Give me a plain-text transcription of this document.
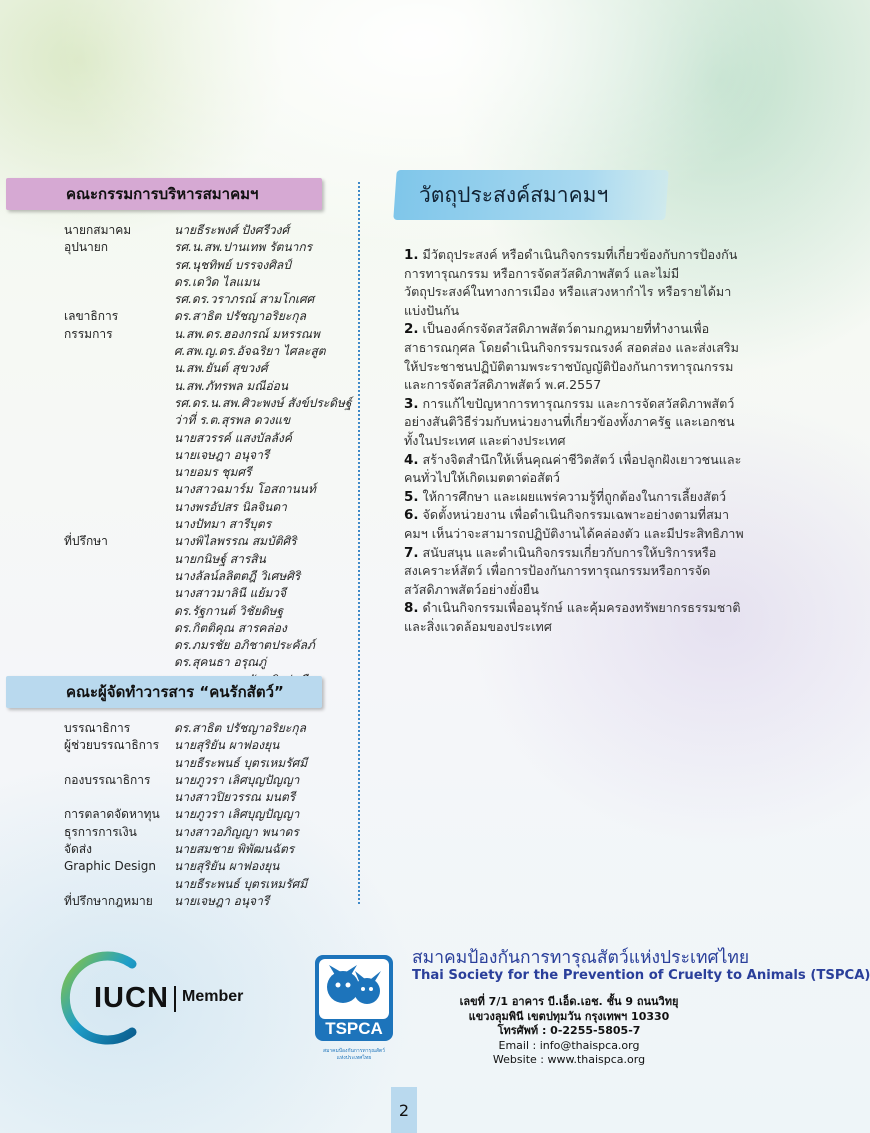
คณะกรรมการบริหารสมาคมฯ
นายกสมาคม	นายธีระพงศ์ ปังศรีวงศ์
อุปนายก	รศ.น.สพ.ปานเทพ รัตนากร
รศ.นุชทิพย์ บรรจงศิลป์
ดร.เดวิด ไลแมน
รศ.ดร.วราภรณ์ สามโกเศศ
เลขาธิการ	ดร.สาธิต ปรัชญาอริยะกุล
กรรมการ	น.สพ.ดร.ฮองกรณ์ มหรรณพ
ศ.สพ.ญ.ดร.อัจฉริยา ไศละสูต
น.สพ.ยันต์ สุขวงศ์
น.สพ.ภัทรพล มณีอ่อน
รศ.ดร.น.สพ.ศิวะพงษ์ สังข์ประดิษฐ์
ว่าที่ ร.ต.สุรพล ดวงแข
นายสวรรค์ แสงบัลลังค์
นายเจษฎา อนุจารี
นายอมร ชุมศรี
นางสาวฉมาร์ม โอสถานนท์
นางพรอัปสร นิลจินดา
นางปัทมา สารีบุตร
ที่ปรึกษา	นางพิไลพรรณ สมบัติศิริ
นายกนิษฐ์ สารสิน
นางลัลน์ลลิตตฎี วิเศษศิริ
นางสาวมาลินี แย้มวจี
ดร.รัฐกานต์ วิชัยดิษฐ
ดร.กิตติคุณ สารคล่อง
ดร.ภมรชัย อภิชาตประคัลภ์
ดร.สุคนธา อรุณภู่
คณะผู้จัดทำวารสาร “คนรักสัตว์”
บรรณาธิการ	ดร.สาธิต ปรัชญาอริยะกุล
ผู้ช่วยบรรณาธิการ	นายสุริยัน ผาฟองยุน
นายธีระพนธ์ บุตรเหมรัศมี
กองบรรณาธิการ	นายภูวรา เลิศบุญปัญญา
นางสาวปิยวรรณ มนตรี
การตลาดจัดหาทุน	นายภูวรา เลิศบุญปัญญา
ธุรการการเงิน	นางสาวอภิญญา พนาดร
จัดส่ง	นายสมชาย พิพัฒนฉัตร
Graphic Design	นายสุริยัน ผาฟองยุน
นายธีระพนธ์ บุตรเหมรัศมี
ที่ปรึกษากฎหมาย	นายเจษฎา อนุจารี
วัตถุประสงค์สมาคมฯ

1. มีวัตถุประสงค์ หรือดำเนินกิจกรรมที่เกี่ยวข้องกับการป้องกันการทารุณกรรม หรือการจัดสวัสดิภาพสัตว์ และไม่มีวัตถุประสงค์ในทางการเมือง หรือแสวงหากำไร หรือรายได้มาแบ่งปันกัน

2. เป็นองค์กรจัดสวัสดิภาพสัตว์ตามกฎหมายที่ทำงานเพื่อสาธารณกุศล โดยดำเนินกิจกรรมรณรงค์ สอดส่อง และส่งเสริมให้ประชาชนปฏิบัติตามพระราชบัญญัติป้องกันการทารุณกรรม และการจัดสวัสดิภาพสัตว์ พ.ศ.2557

3. การแก้ไขปัญหาการทารุณกรรม และการจัดสวัสดิภาพสัตว์อย่างสันติวิธีร่วมกับหน่วยงานที่เกี่ยวข้องทั้งภาครัฐ และเอกชนทั้งในประเทศ และต่างประเทศ

4. สร้างจิตสำนึกให้เห็นคุณค่าชีวิตสัตว์ เพื่อปลูกฝังเยาวชนและคนทั่วไปให้เกิดเมตตาต่อสัตว์

5. ให้การศึกษา และเผยแพร่ความรู้ที่ถูกต้องในการเลี้ยงสัตว์

6. จัดตั้งหน่วยงาน เพื่อดำเนินกิจกรรมเฉพาะอย่างตามที่สมาคมฯ เห็นว่าจะสามารถปฏิบัติงานได้คล่องตัว และมีประสิทธิภาพ

7. สนับสนุน และดำเนินกิจกรรมเกี่ยวกับการให้บริการหรือสงเคราะห์สัตว์ เพื่อการป้องกันการทารุณกรรมหรือการจัดสวัสดิภาพสัตว์อย่างยั่งยืน

8. ดำเนินกิจกรรมเพื่ออนุรักษ์ และคุ้มครองทรัพยากรธรรมชาติ และสิ่งแวดล้อมของประเทศ

IUCN Member
TSPCA
สมาคมป้องกันการทารุณสัตว์
แห่งประเทศไทย
สมาคมป้องกันการทารุณสัตว์แห่งประเทศไทย
Thai Society for the Prevention of Cruelty to Animals (TSPCA)
เลขที่ 7/1 อาคาร บี.เอ็ด.เอช. ชั้น 9 ถนนวิทยุ
แขวงลุมพินี เขตปทุมวัน กรุงเทพฯ 10330
โทรศัพท์ : 0-2255-5805-7
Email : info@thaispca.org
Website : www.thaispca.org
2
